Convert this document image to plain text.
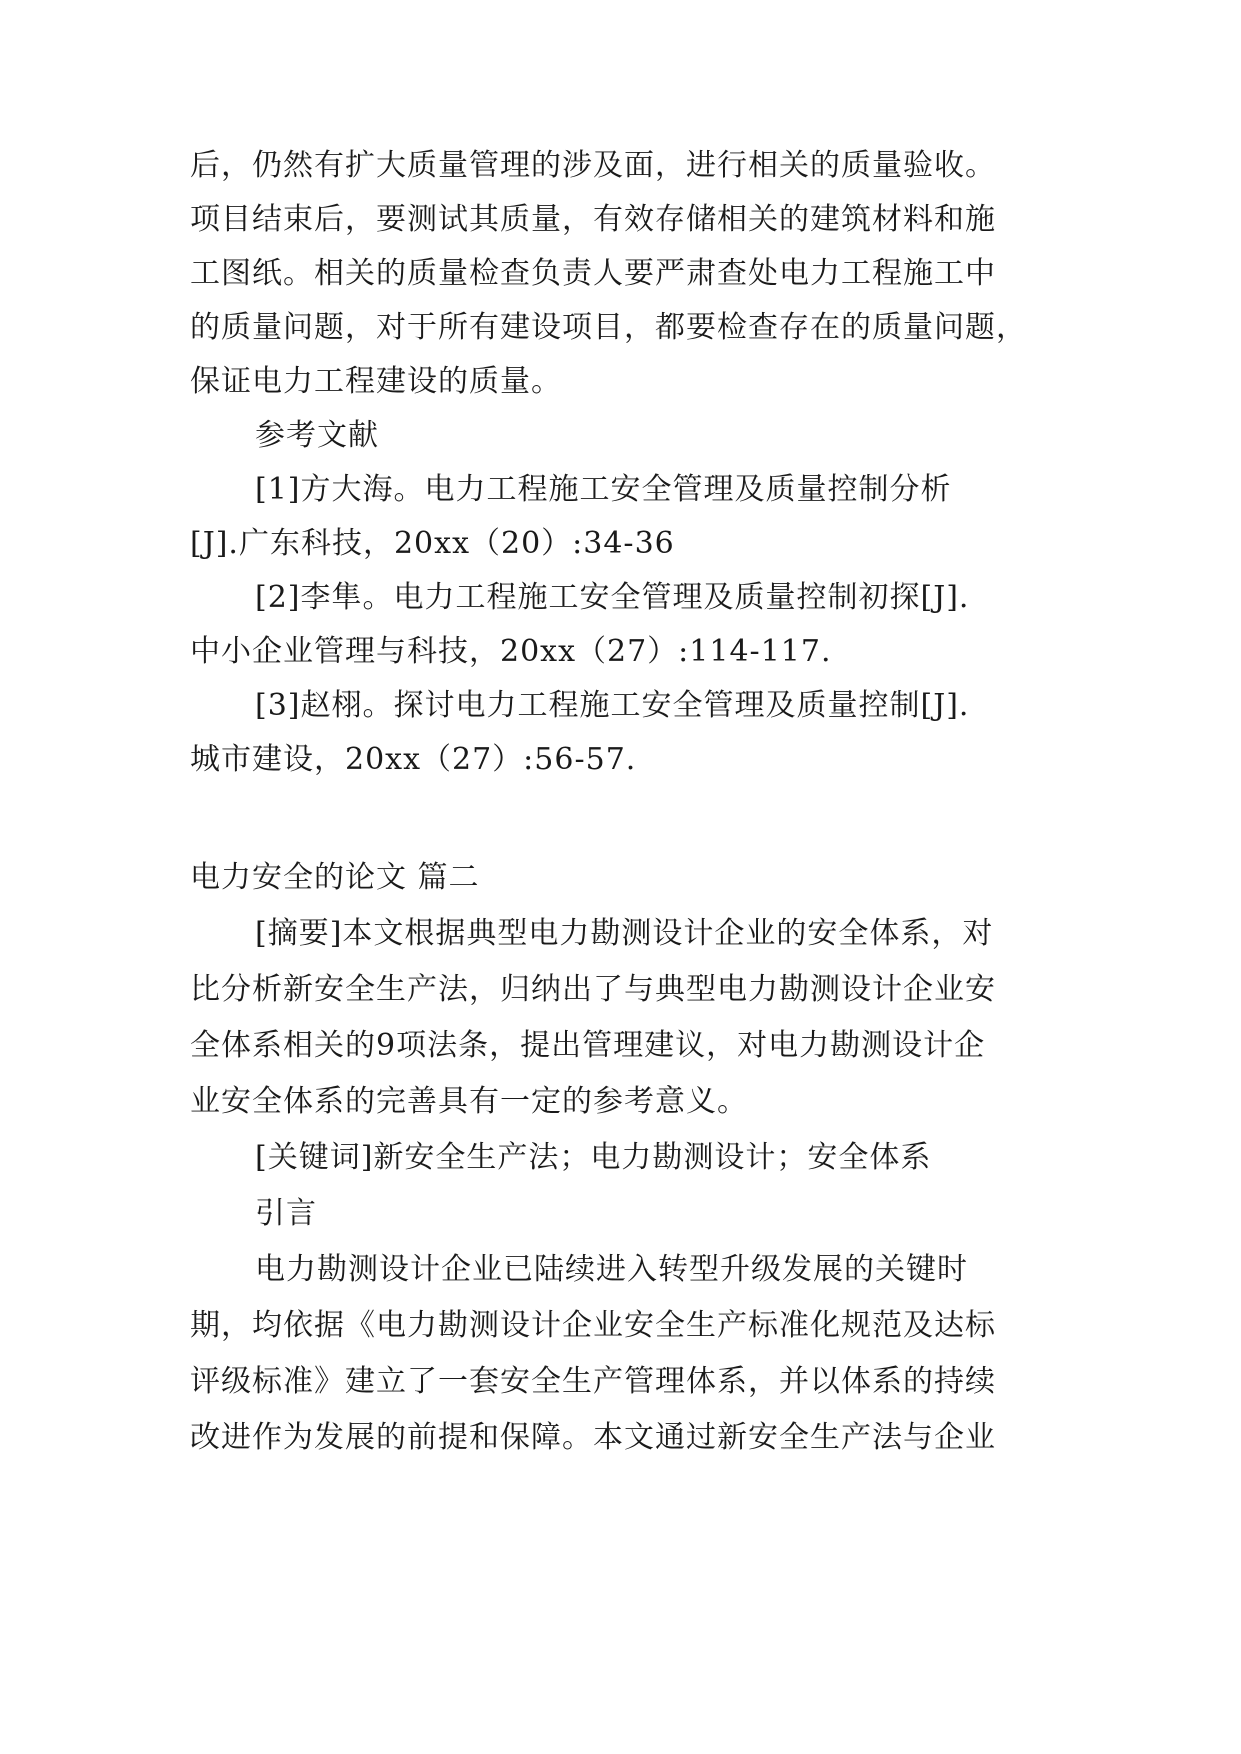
后，仍然有扩大质量管理的涉及面，进行相关的质量验收。
项目结束后，要测试其质量，有效存储相关的建筑材料和施
工图纸。相关的质量检查负责人要严肃查处电力工程施工中
的质量问题，对于所有建设项目，都要检查存在的质量问题，
保证电力工程建设的质量。
参考文献
[1]方大海。电力工程施工安全管理及质量控制分析
[J].广东科技，20xx（20）:34-36
[2]李隼。电力工程施工安全管理及质量控制初探[J].
中小企业管理与科技，20xx（27）:114-117.
[3]赵栩。探讨电力工程施工安全管理及质量控制[J].
城市建设，20xx（27）:56-57.
电力安全的论文 篇二
[摘要]本文根据典型电力勘测设计企业的安全体系，对
比分析新安全生产法，归纳出了与典型电力勘测设计企业安
全体系相关的9项法条，提出管理建议，对电力勘测设计企
业安全体系的完善具有一定的参考意义。
[关键词]新安全生产法；电力勘测设计；安全体系
引言
电力勘测设计企业已陆续进入转型升级发展的关键时
期，均依据《电力勘测设计企业安全生产标准化规范及达标
评级标准》建立了一套安全生产管理体系，并以体系的持续
改进作为发展的前提和保障。本文通过新安全生产法与企业
